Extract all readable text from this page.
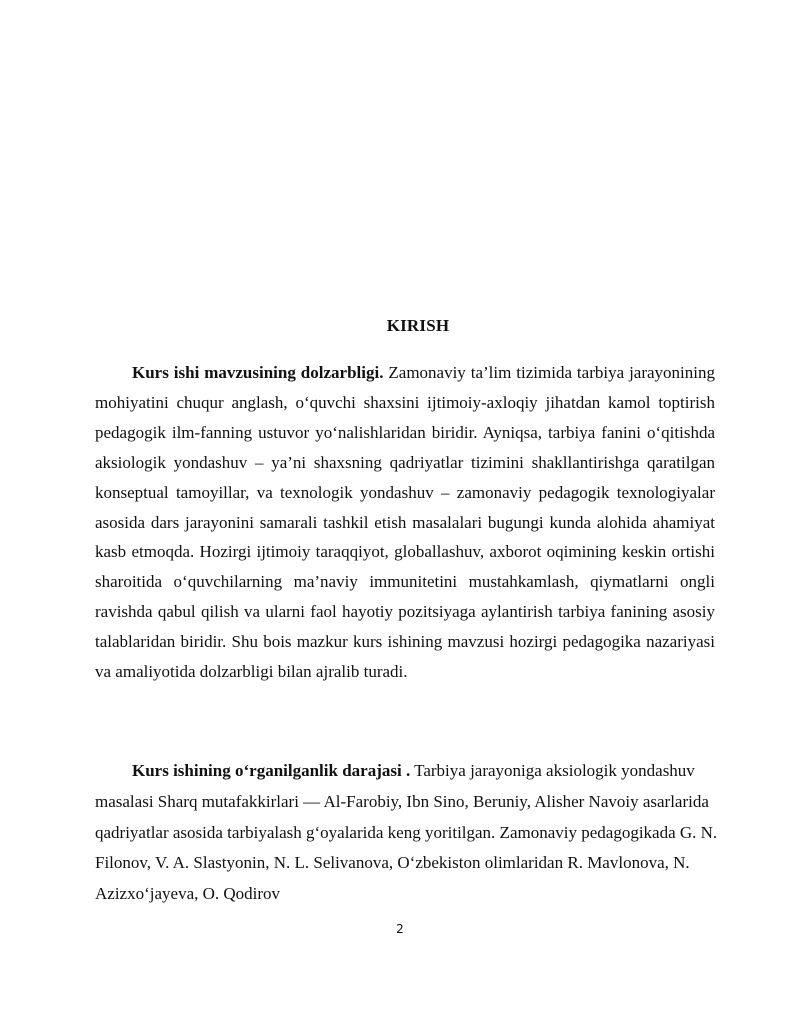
KIRISH

Kurs ishi mavzusining dolzarbligi. Zamonaviy ta’lim tizimida tarbiya jarayonining mohiyatini chuqur anglash, o‘quvchi shaxsini ijtimoiy-axloqiy jihatdan kamol toptirish pedagogik ilm-fanning ustuvor yo‘nalishlaridan biridir. Ayniqsa, tarbiya fanini o‘qitishda aksiologik yondashuv – ya’ni shaxsning qadriyatlar tizimini shakllantirishga qaratilgan konseptual tamoyillar, va texnologik yondashuv – zamonaviy pedagogik texnologiyalar asosida dars jarayonini samarali tashkil etish masalalari bugungi kunda alohida ahamiyat kasb etmoqda. Hozirgi ijtimoiy taraqqiyot, globallashuv, axborot oqimining keskin ortishi sharoitida o‘quvchilarning ma’naviy immunitetini mustahkamlash, qiymatlarni ongli ravishda qabul qilish va ularni faol hayotiy pozitsiyaga aylantirish tarbiya fanining asosiy talablaridan biridir. Shu bois mazkur kurs ishining mavzusi hozirgi pedagogika nazariyasi va amaliyotida dolzarbligi bilan ajralib turadi.

Kurs ishining o‘rganilganlik darajasi . Tarbiya jarayoniga aksiologik yondashuv masalasi Sharq mutafakkirlari — Al-Farobiy, Ibn Sino, Beruniy, Alisher Navoiy asarlarida qadriyatlar asosida tarbiyalash g‘oyalarida keng yoritilgan. Zamonaviy pedagogikada G. N. Filonov, V. A. Slastyonin, N. L. Selivanova, O‘zbekiston olimlaridan R. Mavlonova, N. Azizxo‘jayeva, O. Qodirov

2
